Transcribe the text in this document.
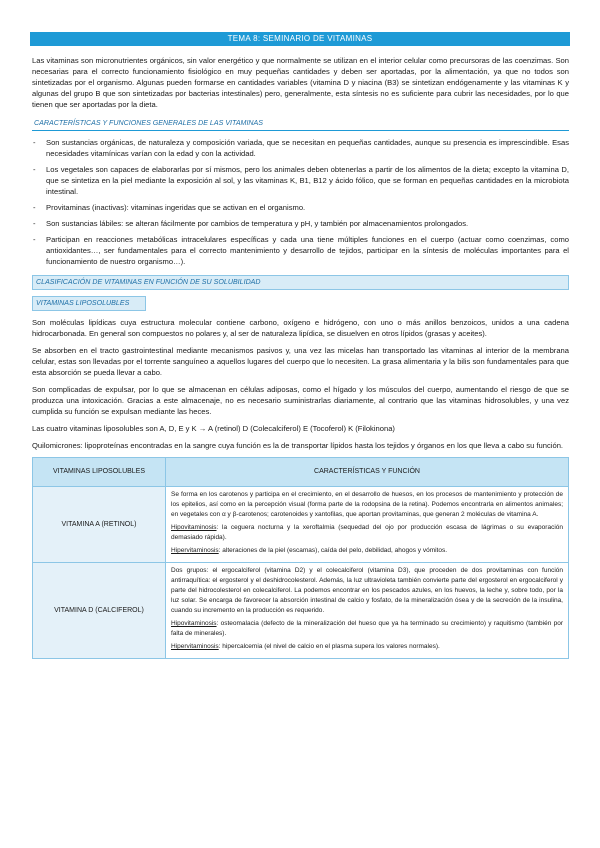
TEMA 8: SEMINARIO DE VITAMINAS

Las vitaminas son micronutrientes orgánicos, sin valor energético y que normalmente se utilizan en el interior celular como precursoras de las coenzimas. Son necesarias para el correcto funcionamiento fisiológico en muy pequeñas cantidades y deben ser aportadas, por la alimentación, ya que no todos son sintetizadas por el organismo. Algunas pueden formarse en cantidades variables (vitamina D y niacina (B3) se sintetizan endógenamente y las vitaminas K y algunas del grupo B que son sintetizadas por bacterias intestinales) pero, generalmente, esta síntesis no es suficiente para cubrir las necesidades, por lo que tienen que ser aportadas por la dieta.

CARACTERÍSTICAS Y FUNCIONES GENERALES DE LAS VITAMINAS
- Son sustancias orgánicas, de naturaleza y composición variada, que se necesitan en pequeñas cantidades, aunque su presencia es imprescindible. Esas necesidades vitamínicas varían con la edad y con la actividad.
- Los vegetales son capaces de elaborarlas por sí mismos, pero los animales deben obtenerlas a partir de los alimentos de la dieta; excepto la vitamina D, que se sintetiza en la piel mediante la exposición al sol, y las vitaminas K, B1, B12 y ácido fólico, que se forman en pequeñas cantidades en la microbiota intestinal.
- Provitaminas (inactivas): vitaminas ingeridas que se activan en el organismo.
- Son sustancias lábiles: se alteran fácilmente por cambios de temperatura y pH, y también por almacenamientos prolongados.
- Participan en reacciones metabólicas intracelulares específicas y cada una tiene múltiples funciones en el cuerpo (actuar como coenzimas, como antioxidantes…, ser fundamentales para el correcto mantenimiento y desarrollo de tejidos, participar en la síntesis de moléculas importantes para el funcionamiento de nuestro organismo…).
CLASIFICACIÓN DE VITAMINAS EN FUNCIÓN DE SU SOLUBILIDAD
VITAMINAS LIPOSOLUBLES

Son moléculas lipídicas cuya estructura molecular contiene carbono, oxígeno e hidrógeno, con uno o más anillos benzoicos, unidos a una cadena hidrocarbonada. En general son compuestos no polares y, al ser de naturaleza lipídica, se disuelven en otros lípidos (grasas y aceites).

Se absorben en el tracto gastrointestinal mediante mecanismos pasivos y, una vez las micelas han transportado las vitaminas al interior de la membrana celular, estas son llevadas por el torrente sanguíneo a aquellos lugares del cuerpo que lo necesiten. La grasa alimentaria y la bilis son fundamentales para que esta absorción se pueda llevar a cabo.

Son complicadas de expulsar, por lo que se almacenan en células adiposas, como el hígado y los músculos del cuerpo, aumentando el riesgo de que se produzca una intoxicación. Gracias a este almacenaje, no es necesario suministrarlas diariamente, al contrario que las vitaminas hidrosolubles, y una vez cumplida su función se expulsan mediante las heces.

Las cuatro vitaminas liposolubles son A, D, E y K → A (retinol) D (Colecalciferol) E (Tocoferol) K (Filokinona)

Quilomicrones: lipoproteínas encontradas en la sangre cuya función es la de transportar lípidos hasta los tejidos y órganos en los que lleva a cabo su función.

VITAMINAS LIPOSOLUBLES	CARACTERÍSTICAS Y FUNCIÓN
VITAMINA A (RETINOL)	Se forma en los carotenos y participa en el crecimiento, en el desarrollo de huesos, en los procesos de mantenimiento y protección de los epitelios, así como en la percepción visual (forma parte de la rodopsina de la retina). Podemos encontrarla en alimentos animales; en vegetales con α y β-carotenos; carotenoides y xantofilas, que aportan provitaminas, que generan 2 moléculas de vitamina A.

Hipovitaminosis: la ceguera nocturna y la xeroftalmia (sequedad del ojo por producción escasa de lágrimas o su evaporación demasiado rápida).

Hipervitaminosis: alteraciones de la piel (escamas), caída del pelo, debilidad, ahogos y vómitos.

VITAMINA D (CALCIFEROL)	Dos grupos: el ergocalciferol (vitamina D2) y el colecalciferol (vitamina D3), que proceden de dos provitaminas con función antirraquítica: el ergosterol y el deshidrocolesterol. Además, la luz ultravioleta también convierte parte del ergosterol en ergocalciferol y parte del hidrocolesterol en colecalciferol. La podemos encontrar en los pescados azules, en los huevos, la leche y, sobre todo, por la luz solar. Se encarga de favorecer la absorción intestinal de calcio y fosfato, de la mineralización ósea y de la secreción de la insulina, cuando su incremento en la producción es requerido.

Hipovitaminosis: osteomalacia (defecto de la mineralización del hueso que ya ha terminado su crecimiento) y raquitismo (también por falta de minerales).

Hipervitaminosis: hipercalcemia (el nivel de calcio en el plasma supera los valores normales).
